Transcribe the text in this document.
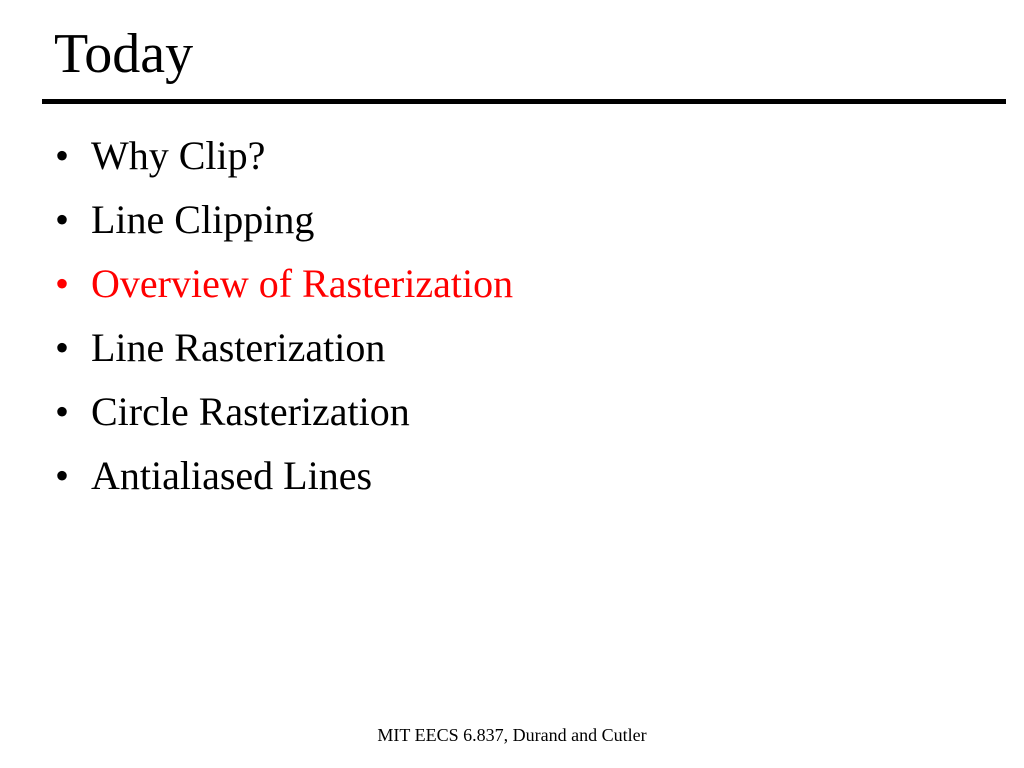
Today
• Why Clip?
• Line Clipping
• Overview of Rasterization
• Line Rasterization
• Circle Rasterization
• Antialiased Lines
MIT EECS 6.837, Durand and Cutler
